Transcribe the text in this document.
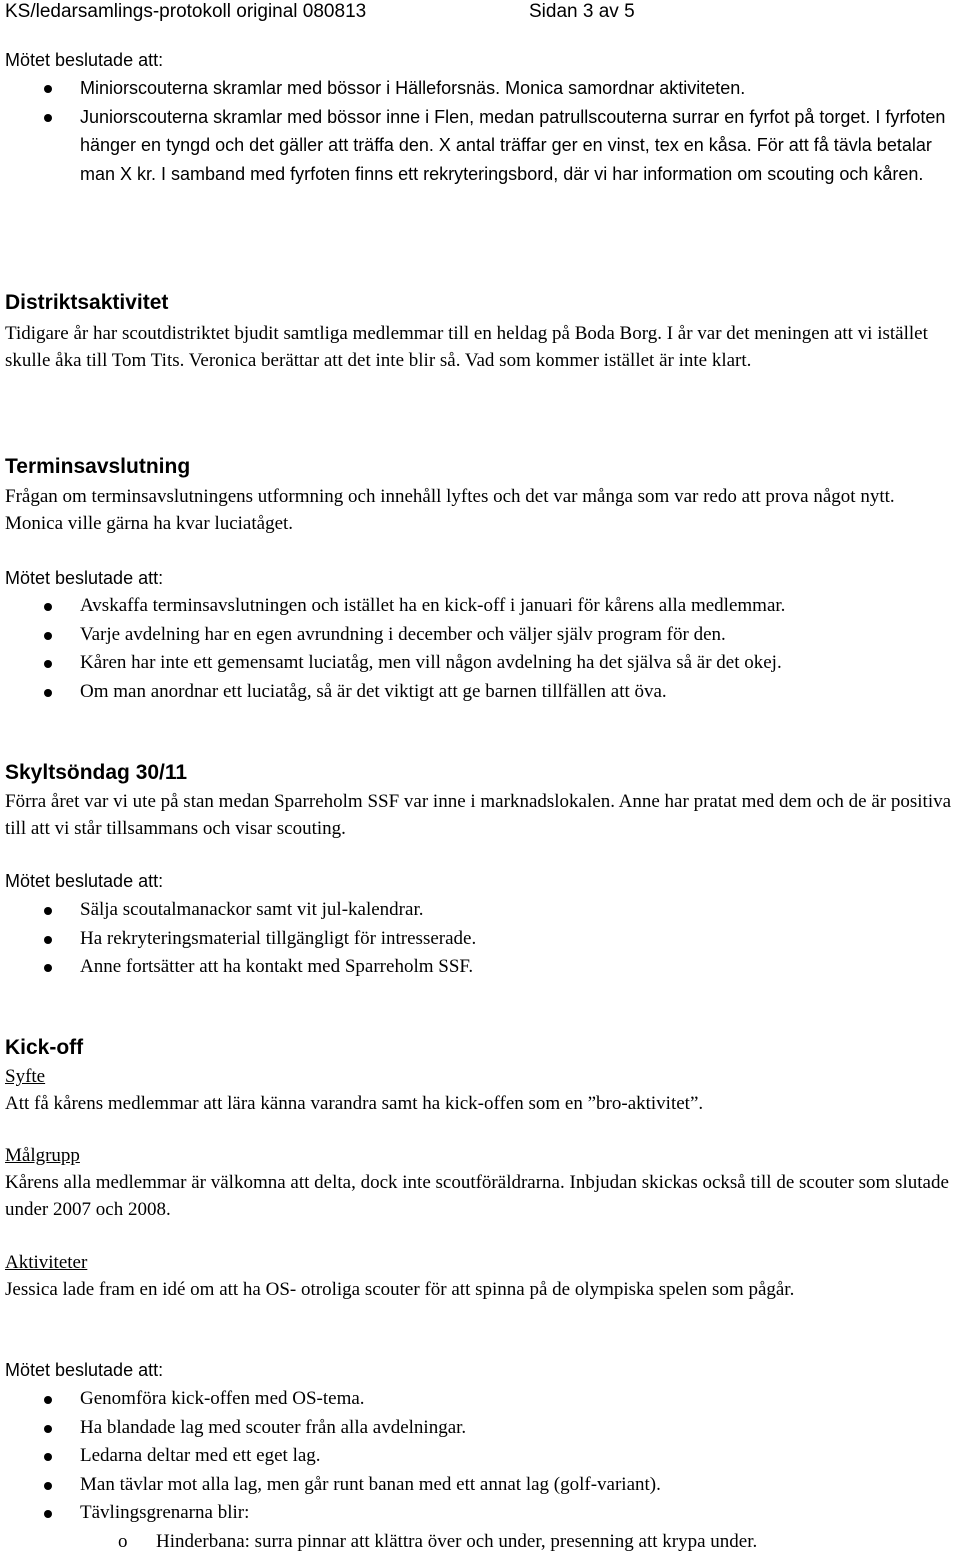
KS/ledarsamlings-protokoll original 080813	Sidan 3 av 5
Mötet beslutade att:
Miniorscouterna skramlar med bössor i Hälleforsnäs. Monica samordnar aktiviteten.
Juniorscouterna skramlar med bössor inne i Flen, medan patrullscouterna surrar en fyrfot på torget. I fyrfoten hänger en tyngd och det gäller att träffa den. X antal träffar ger en vinst, tex en kåsa. För att få tävla betalar man X kr. I samband med fyrfoten finns ett rekryteringsbord, där vi har information om scouting och kåren.
Distriktsaktivitet
Tidigare år har scoutdistriktet bjudit samtliga medlemmar till en heldag på Boda Borg. I år var det meningen att vi istället skulle åka till Tom Tits. Veronica berättar att det inte blir så. Vad som kommer istället är inte klart.
Terminsavslutning
Frågan om terminsavslutningens utformning och innehåll lyftes och det var många som var redo att prova något nytt. Monica ville gärna ha kvar luciatåget.
Mötet beslutade att:
Avskaffa terminsavslutningen och istället ha en kick-off i januari för kårens alla medlemmar.
Varje avdelning har en egen avrundning i december och väljer själv program för den.
Kåren har inte ett gemensamt luciatåg, men vill någon avdelning ha det själva så är det okej.
Om man anordnar ett luciatåg, så är det viktigt att ge barnen tillfällen att öva.
Skyltsöndag 30/11
Förra året var vi ute på stan medan Sparreholm SSF var inne i marknadslokalen. Anne har pratat med dem och de är positiva till att vi står tillsammans och visar scouting.
Mötet beslutade att:
Sälja scoutalmanackor samt vit jul-kalendrar.
Ha rekryteringsmaterial tillgängligt för intresserade.
Anne fortsätter att ha kontakt med Sparreholm SSF.
Kick-off
Syfte
Att få kårens medlemmar att lära känna varandra samt ha kick-offen som en ”bro-aktivitet”.
Målgrupp
Kårens alla medlemmar är välkomna att delta, dock inte scoutföräldrarna. Inbjudan skickas också till de scouter som slutade under 2007 och 2008.
Aktiviteter
Jessica lade fram en idé om att ha OS- otroliga scouter för att spinna på de olympiska spelen som pågår.
Mötet beslutade att:
Genomföra kick-offen med OS-tema.
Ha blandade lag med scouter från alla avdelningar.
Ledarna deltar med ett eget lag.
Man tävlar mot alla lag, men går runt banan med ett annat lag (golf-variant).
Tävlingsgrenarna blir:
o Hinderbana: surra pinnar att klättra över och under, presenning att krypa under.
